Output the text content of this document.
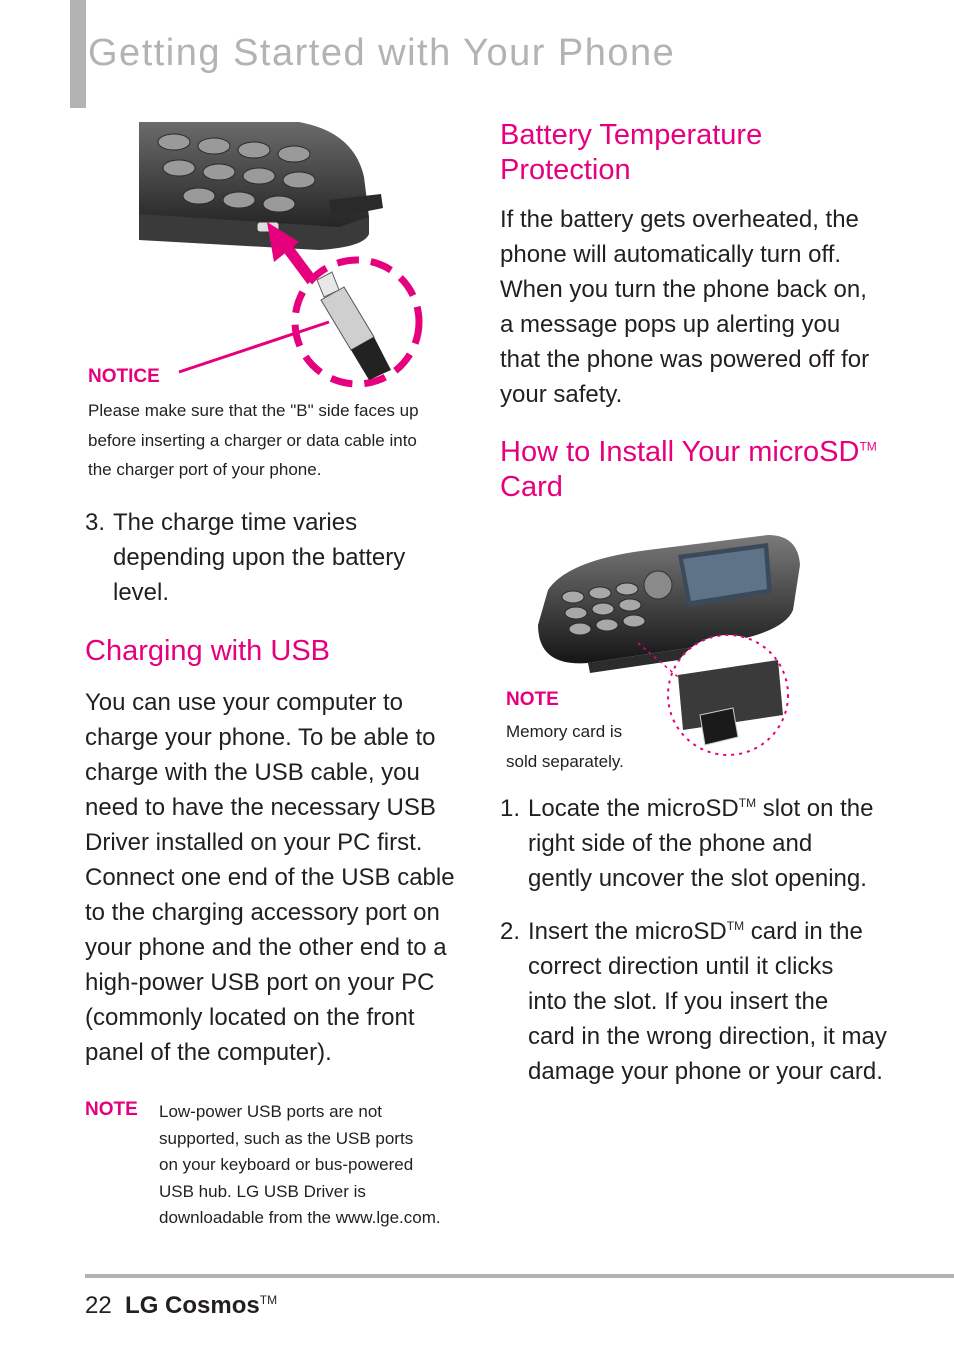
Getting Started with Your Phone
NOTICE
Please make sure that the "B" side faces up
before inserting a charger or data cable into
the charger port of your phone.
3. The charge time varies
depending upon the battery
level.
Charging with USB
You can use your computer to
charge your phone. To be able to
charge with the USB cable, you
need to have the necessary USB
Driver installed on your PC first.
Connect one end of the USB cable
to the charging accessory port on
your phone and the other end to a
high-power USB port on your PC
(commonly located on the front
panel of the computer).
NOTE Low-power USB ports are not
supported, such as the USB ports
on your keyboard or bus-powered
USB hub. LG USB Driver is
downloadable from the www.lge.com.
Battery Temperature
Protection
If the battery gets overheated, the
phone will automatically turn off.
When you turn the phone back on,
a message pops up alerting you
that the phone was powered off for
your safety.
How to Install Your microSD™
Card
NOTE
Memory card is
sold separately.
1. Locate the microSD™ slot on the
right side of the phone and
gently uncover the slot opening.
2. Insert the microSD™ card in the
correct direction until it clicks
into the slot. If you insert the
card in the wrong direction, it may
damage your phone or your card.
22 LG Cosmos™
